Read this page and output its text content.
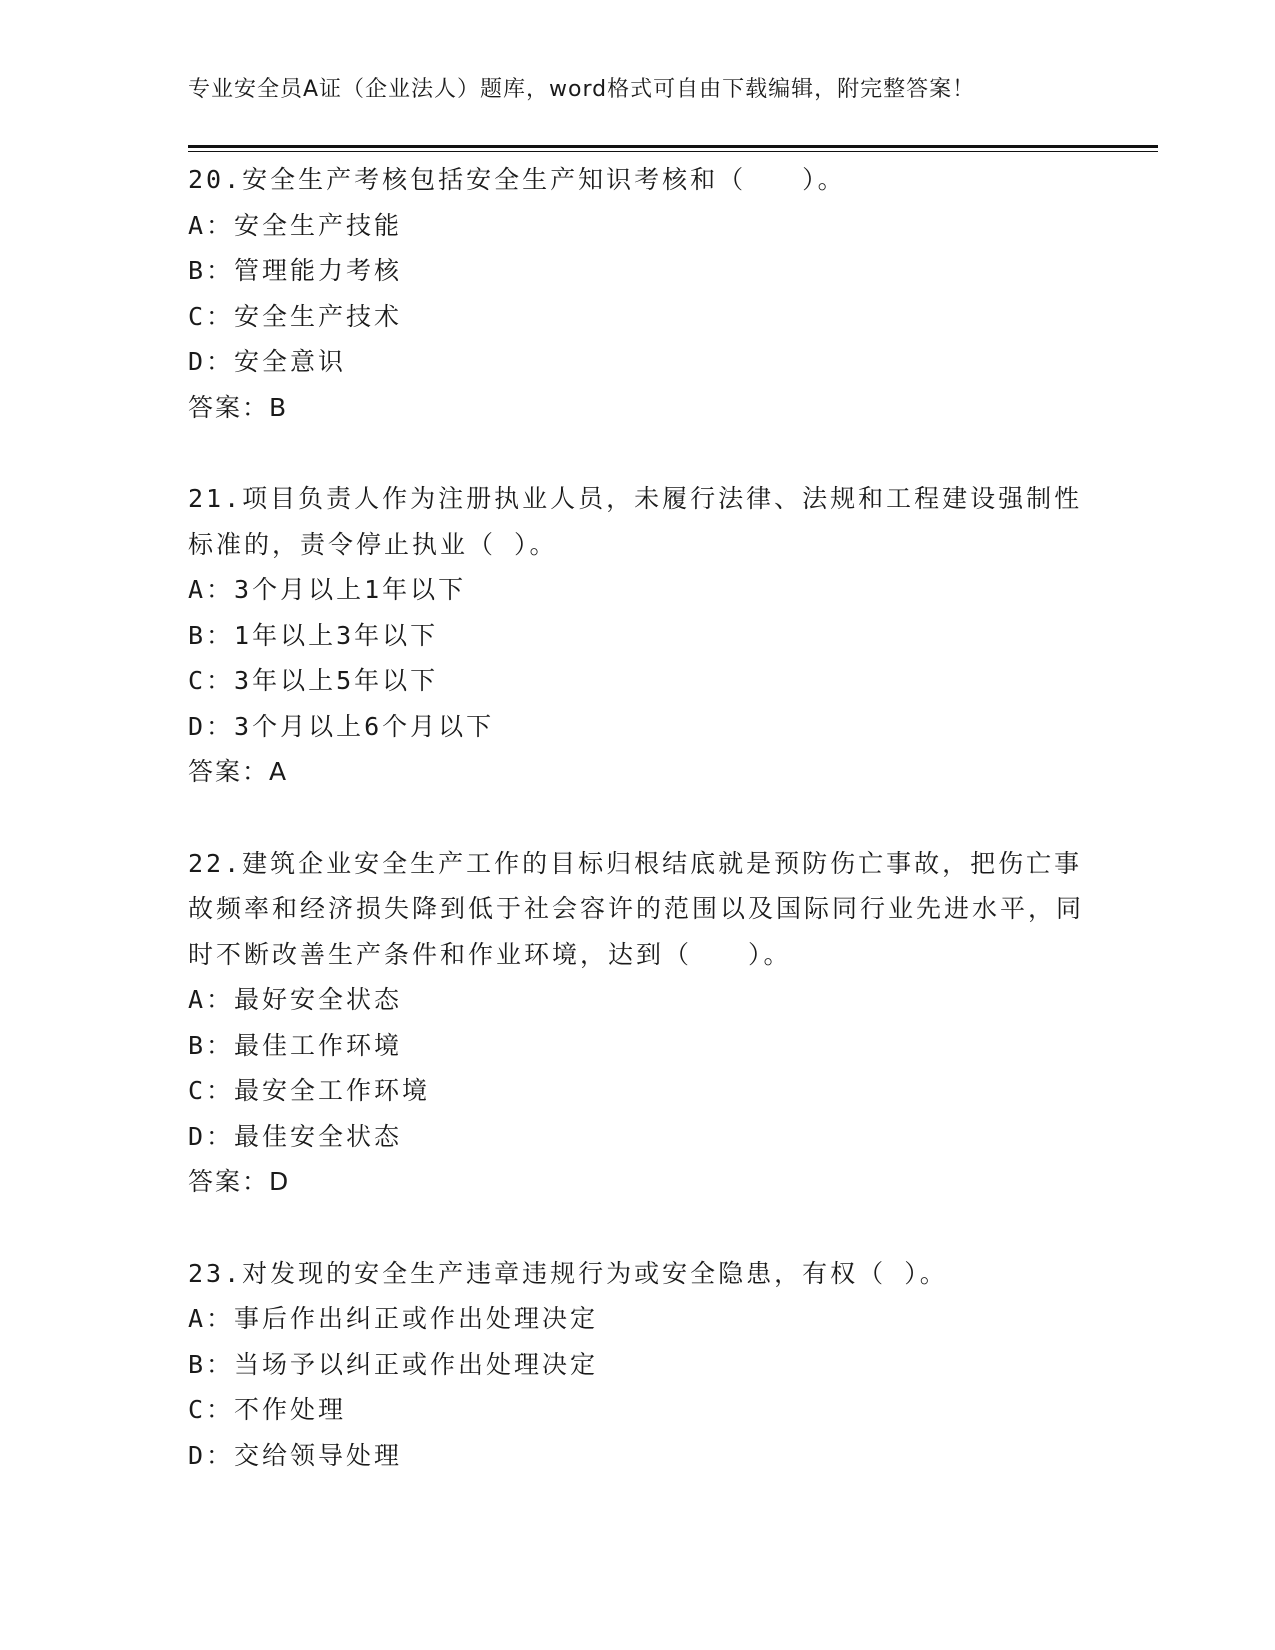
专业安全员A证（企业法人）题库，word格式可自由下载编辑，附完整答案！

20.安全生产考核包括安全生产知识考核和（　　）。

A：安全生产技能

B：管理能力考核

C：安全生产技术

D：安全意识

答案：B

21.项目负责人作为注册执业人员，未履行法律、法规和工程建设强制性标准的，责令停止执业（ ）。

A：3个月以上1年以下

B：1年以上3年以下

C：3年以上5年以下

D：3个月以上6个月以下

答案：A

22.建筑企业安全生产工作的目标归根结底就是预防伤亡事故，把伤亡事故频率和经济损失降到低于社会容许的范围以及国际同行业先进水平，同时不断改善生产条件和作业环境，达到（　　）。

A：最好安全状态

B：最佳工作环境

C：最安全工作环境

D：最佳安全状态

答案：D

23.对发现的安全生产违章违规行为或安全隐患，有权（ ）。

A：事后作出纠正或作出处理决定

B：当场予以纠正或作出处理决定

C：不作处理

D：交给领导处理
